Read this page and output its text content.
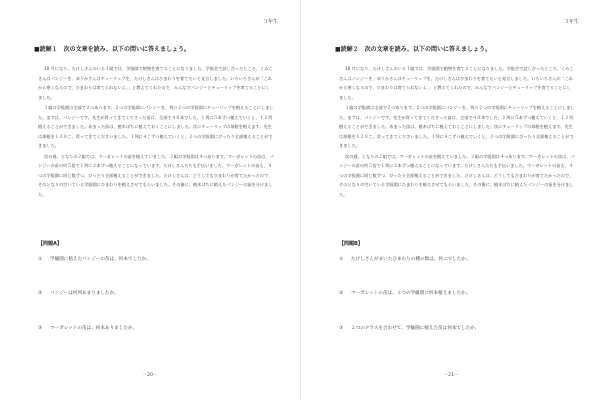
３年生
■読解１　次の文章を読み、以下の問いに答えましょう。

10 月になり、たけしさんのいる１組では、学級園で植物を育てることになりました。学級会で話し合ったところ、くみこさんはパンジーを、ゆうかさんはチューリップを、たけしさんはひまわりを育てたいと発言しました。いろいろさんが「これから寒くなるので、ひまわりは育てられないよ。」と教えてくれたので、みんなでパンジーとチューリップを育てることにしました。

１組の学級園は全部で２つあります。２つの学級園にパンジーを、残り２つの学級園にチューリップを植えることにしました。まずは、パンジーです。先生が買ってきてくださった苗は、全部で４０本でした。１列に５本ずつ植えていくと、１２列植えることができました。あまった苗は、植木ばちに植えておくことにしました。次にチューリップの球根を植えます。先生は球根を１２０こ、買ってきてくださいました。１列に４こずつ植えていくと、２つの学級園にぴったり全部植えることができました。

次の週、となりの２組では、マーガレットの苗を植えていました。２組の学級園は４つあります。マーガレットの苗は、パンジーの苗の約５倍で１列に２本ずつ植えることになっています。たけしさんたちも手伝いました。マーガレットの苗も、４つの学級園に同じ数ずつ、ぴったり全部植えることができました。たけしさんは、どうしてもひまわりが育てたかったので、そのとなりの空いている学級園にひまわりを植えさせてもらいました。その後に、植木ばちに植えたパンジーの苗を分けました。

【問題A】
① 学級園に植えたパンジーの苗は、何本でしたか。
② パンジーは何列あまりましたか。
③ マーガレットの苗は、何本ありましたか。
－20－
３年生
■読解２　次の文章を読み、以下の問いに答えましょう。

10 月になり、たけしさんのいる１組では、学級園で植物を育てることになりました。学級会で話し合ったところ、くみこさんはパンジーを、ゆうかさんはチューリップを、たけしさんはひまわりを育てたいと発言しました。いろいろさんが「これから寒くなるので、ひまわりは育てられないよ。」と教えてくれたので、みんなでパンジーとチューリップを育てることにしました。

１組の学級園は全部で２つあります。２つの学級園にパンジーを、残り２つの学級園にチューリップを植えることにしました。まずは、パンジーです。先生が買ってきてくださった苗は、全部で４０本でした。１列に５本ずつ植えていくと、１２列植えることができました。あまった苗は、植木ばちに植えておくことにしました。次にチューリップの球根を植えます。先生は球根を１２０こ、買ってきてくださいました。１列に４こずつ植えていくと、２つの学級園にぴったり全部植えることができました。

次の週、となりの２組では、マーガレットの苗を植えていました。２組の学級園は４つあります。マーガレットの苗は、パンジーの苗の約５倍で１列に２本ずつ植えることになっています。たけしさんたちも手伝いました。マーガレットの苗も、４つの学級園に同じ数ずつ、ぴったり全部植えることができました。たけしさんは、どうしてもひまわりが育てたかったので、そのとなりの空いている学級園にひまわりを植えさせてもらいました。その後に、植木ばちに植えたパンジーの苗を分けました。

【問題B】
① たけしさんがまいたひまわりの種の数は、何こでしたか。
② マーガレットの苗は、１つの学級園に何本植えましたか。
③ ２つのクラスを合わせて、学級園に植えた苗は何本でしたか。
－21－
